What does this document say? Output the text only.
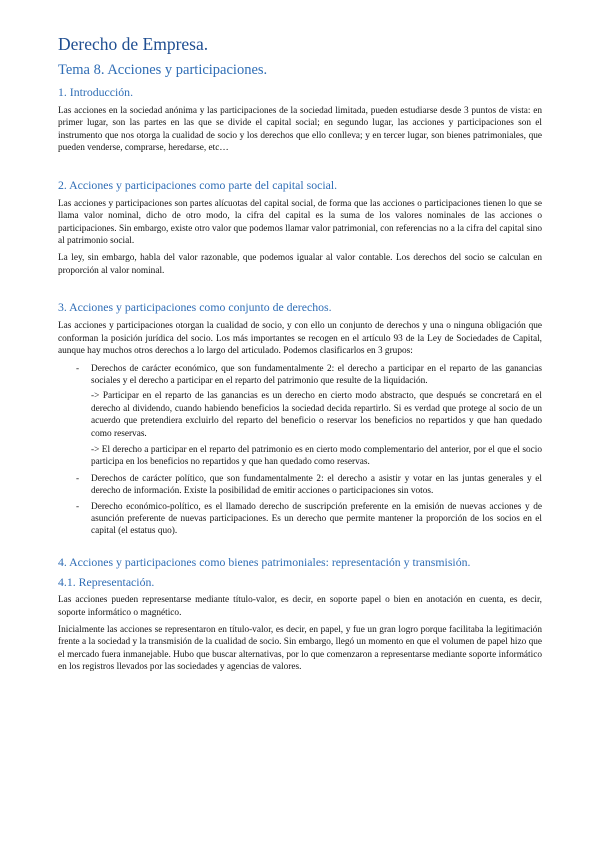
Derecho de Empresa.
Tema 8. Acciones y participaciones.
1. Introducción.

Las acciones en la sociedad anónima y las participaciones de la sociedad limitada, pueden estudiarse desde 3 puntos de vista: en primer lugar, son las partes en las que se divide el capital social; en segundo lugar, las acciones y participaciones son el instrumento que nos otorga la cualidad de socio y los derechos que ello conlleva; y en tercer lugar, son bienes patrimoniales, que pueden venderse, comprarse, heredarse, etc…

2. Acciones y participaciones como parte del capital social.

Las acciones y participaciones son partes alícuotas del capital social, de forma que las acciones o participaciones tienen lo que se llama valor nominal, dicho de otro modo, la cifra del capital es la suma de los valores nominales de las acciones o participaciones. Sin embargo, existe otro valor que podemos llamar valor patrimonial, con referencias no a la cifra del capital sino al patrimonio social.

La ley, sin embargo, habla del valor razonable, que podemos igualar al valor contable. Los derechos del socio se calculan en proporción al valor nominal.

3. Acciones y participaciones como conjunto de derechos.

Las acciones y participaciones otorgan la cualidad de socio, y con ello un conjunto de derechos y una o ninguna obligación que conforman la posición jurídica del socio. Los más importantes se recogen en el artículo 93 de la Ley de Sociedades de Capital, aunque hay muchos otros derechos a lo largo del articulado. Podemos clasificarlos en 3 grupos:

- Derechos de carácter económico, que son fundamentalmente 2: el derecho a participar en el reparto de las ganancias sociales y el derecho a participar en el reparto del patrimonio que resulte de la liquidación.

-> Participar en el reparto de las ganancias es un derecho en cierto modo abstracto, que después se concretará en el derecho al dividendo, cuando habiendo beneficios la sociedad decida repartirlo. Si es verdad que protege al socio de un acuerdo que pretendiera excluirlo del reparto del beneficio o reservar los beneficios no repartidos y que han quedado como reservas.

-> El derecho a participar en el reparto del patrimonio es en cierto modo complementario del anterior, por el que el socio participa en los beneficios no repartidos y que han quedado como reservas.

- Derechos de carácter político, que son fundamentalmente 2: el derecho a asistir y votar en las juntas generales y el derecho de información. Existe la posibilidad de emitir acciones o participaciones sin votos.

- Derecho económico-político, es el llamado derecho de suscripción preferente en la emisión de nuevas acciones y de asunción preferente de nuevas participaciones. Es un derecho que permite mantener la proporción de los socios en el capital (el estatus quo).

4. Acciones y participaciones como bienes patrimoniales: representación y transmisión.
4.1. Representación.

Las acciones pueden representarse mediante título-valor, es decir, en soporte papel o bien en anotación en cuenta, es decir, soporte informático o magnético.

Inicialmente las acciones se representaron en título-valor, es decir, en papel, y fue un gran logro porque facilitaba la legitimación frente a la sociedad y la transmisión de la cualidad de socio. Sin embargo, llegó un momento en que el volumen de papel hizo que el mercado fuera inmanejable. Hubo que buscar alternativas, por lo que comenzaron a representarse mediante soporte informático en los registros llevados por las sociedades y agencias de valores.
